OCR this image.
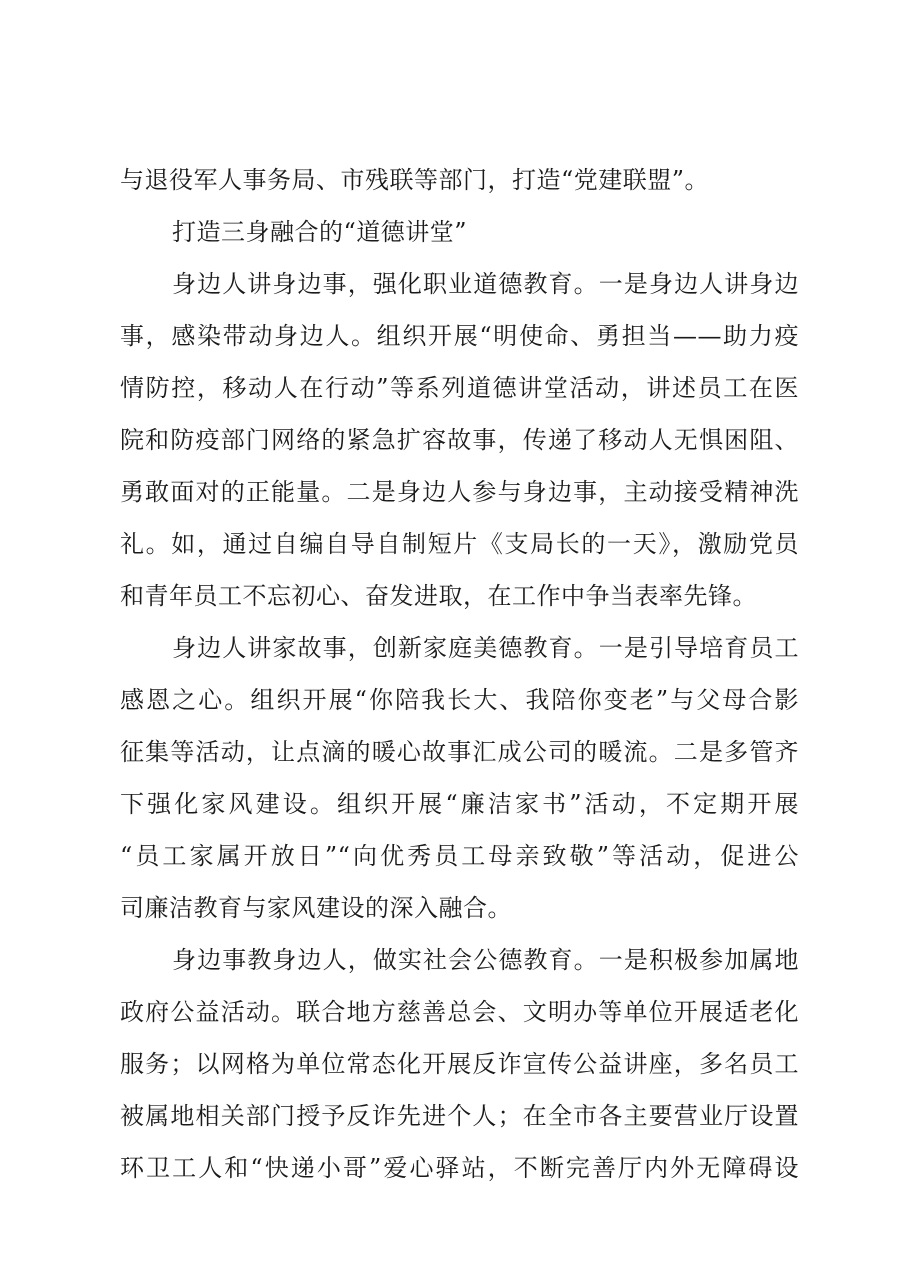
与退役军人事务局、市残联等部门，打造“党建联盟”。
打造三身融合的“道德讲堂”
身边人讲身边事，强化职业道德教育。一是身边人讲身边
事，感染带动身边人。组织开展“明使命、勇担当——助力疫
情防控，移动人在行动”等系列道德讲堂活动，讲述员工在医
院和防疫部门网络的紧急扩容故事，传递了移动人无惧困阻、
勇敢面对的正能量。二是身边人参与身边事，主动接受精神洗
礼。如，通过自编自导自制短片《支局长的一天》，激励党员
和青年员工不忘初心、奋发进取，在工作中争当表率先锋。
身边人讲家故事，创新家庭美德教育。一是引导培育员工
感恩之心。组织开展“你陪我长大、我陪你变老”与父母合影
征集等活动，让点滴的暖心故事汇成公司的暖流。二是多管齐
下强化家风建设。组织开展“廉洁家书”活动，不定期开展
“员工家属开放日”“向优秀员工母亲致敬”等活动，促进公
司廉洁教育与家风建设的深入融合。
身边事教身边人，做实社会公德教育。一是积极参加属地
政府公益活动。联合地方慈善总会、文明办等单位开展适老化
服务；以网格为单位常态化开展反诈宣传公益讲座，多名员工
被属地相关部门授予反诈先进个人；在全市各主要营业厅设置
环卫工人和“快递小哥”爱心驿站，不断完善厅内外无障碍设
